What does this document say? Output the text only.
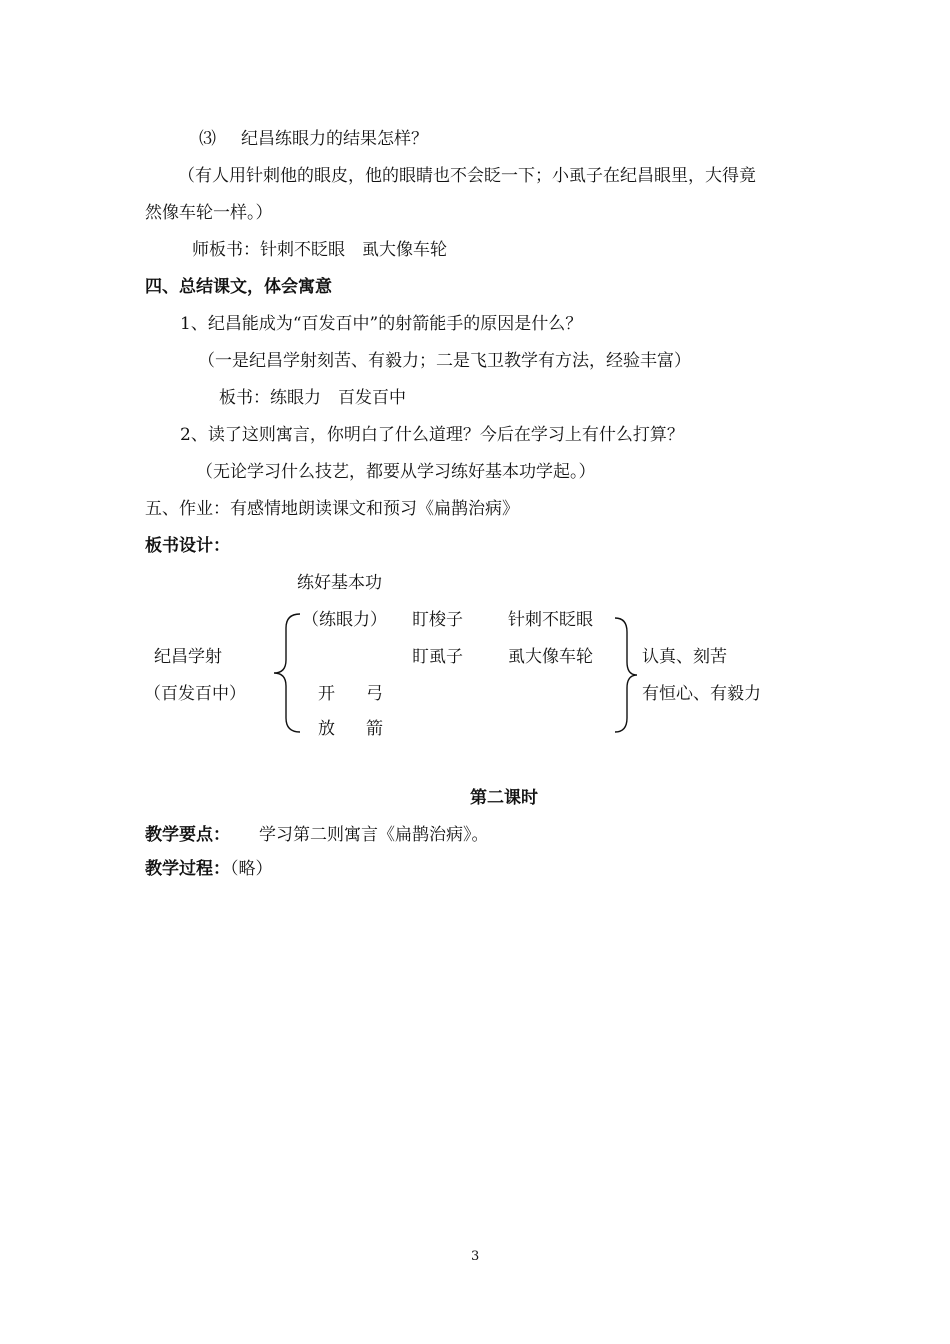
⑶ 纪昌练眼力的结果怎样？
（有人用针刺他的眼皮，他的眼睛也不会眨一下；小虱子在纪昌眼里，大得竟
然像车轮一样。）
师板书：针刺不眨眼　虱大像车轮
四、总结课文，体会寓意
1、纪昌能成为“百发百中”的射箭能手的原因是什么？
（一是纪昌学射刻苦、有毅力；二是飞卫教学有方法，经验丰富）
板书：练眼力　百发百中
2、读了这则寓言，你明白了什么道理？今后在学习上有什么打算？
（无论学习什么技艺，都要从学习练好基本功学起。）
五、作业：有感情地朗读课文和预习《扁鹊治病》
板书设计：
练好基本功
纪昌学射
（百发百中）
（练眼力）
开 弓
放 箭
盯梭子
盯虱子
针刺不眨眼
虱大像车轮	认真、刻苦
有恒心、有毅力
第二课时
教学要点： 学习第二则寓言《扁鹊治病》。
教学过程：（略）
3
